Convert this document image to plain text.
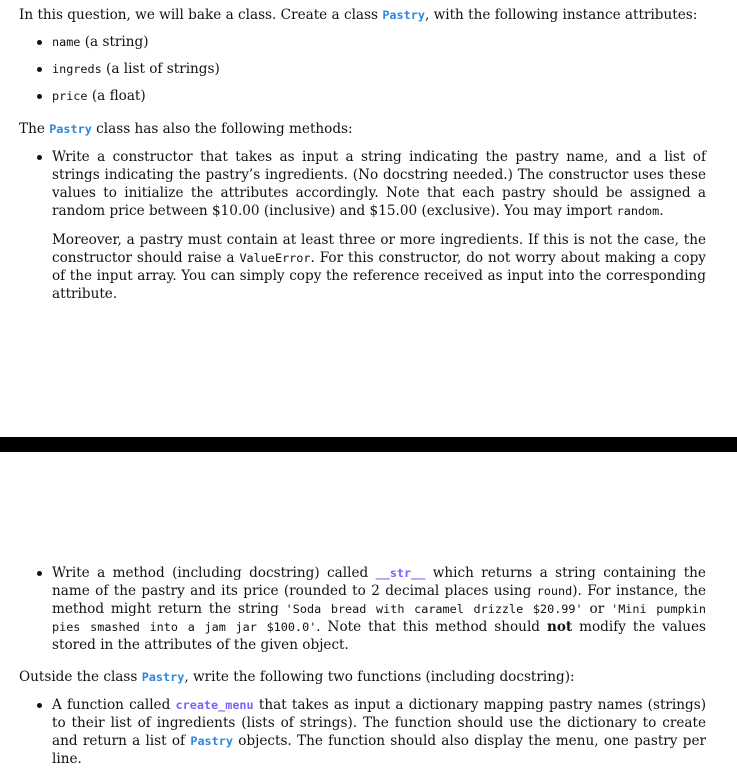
In this question, we will bake a class. Create a class Pastry, with the following instance attributes:

name (a string)
ingreds (a list of strings)
price (a float)

The Pastry class has also the following methods:

Write a constructor that takes as input a string indicating the pastry name, and a list of strings indicating the pastry’s ingredients. (No docstring needed.) The constructor uses these values to initialize the attributes accordingly. Note that each pastry should be assigned a random price between $10.00 (inclusive) and $15.00 (exclusive). You may import random.

Moreover, a pastry must contain at least three or more ingredients. If this is not the case, the constructor should raise a ValueError. For this constructor, do not worry about making a copy of the input array. You can simply copy the reference received as input into the corresponding attribute.

Write a method (including docstring) called __str__ which returns a string containing the name of the pastry and its price (rounded to 2 decimal places using round). For instance, the method might return the string 'Soda bread with caramel drizzle $20.99' or 'Mini pumpkin pies smashed into a jam jar $100.0'. Note that this method should not modify the values stored in the attributes of the given object.

Outside the class Pastry, write the following two functions (including docstring):

A function called create_menu that takes as input a dictionary mapping pastry names (strings) to their list of ingredients (lists of strings). The function should use the dictionary to create and return a list of Pastry objects. The function should also display the menu, one pastry per line.
